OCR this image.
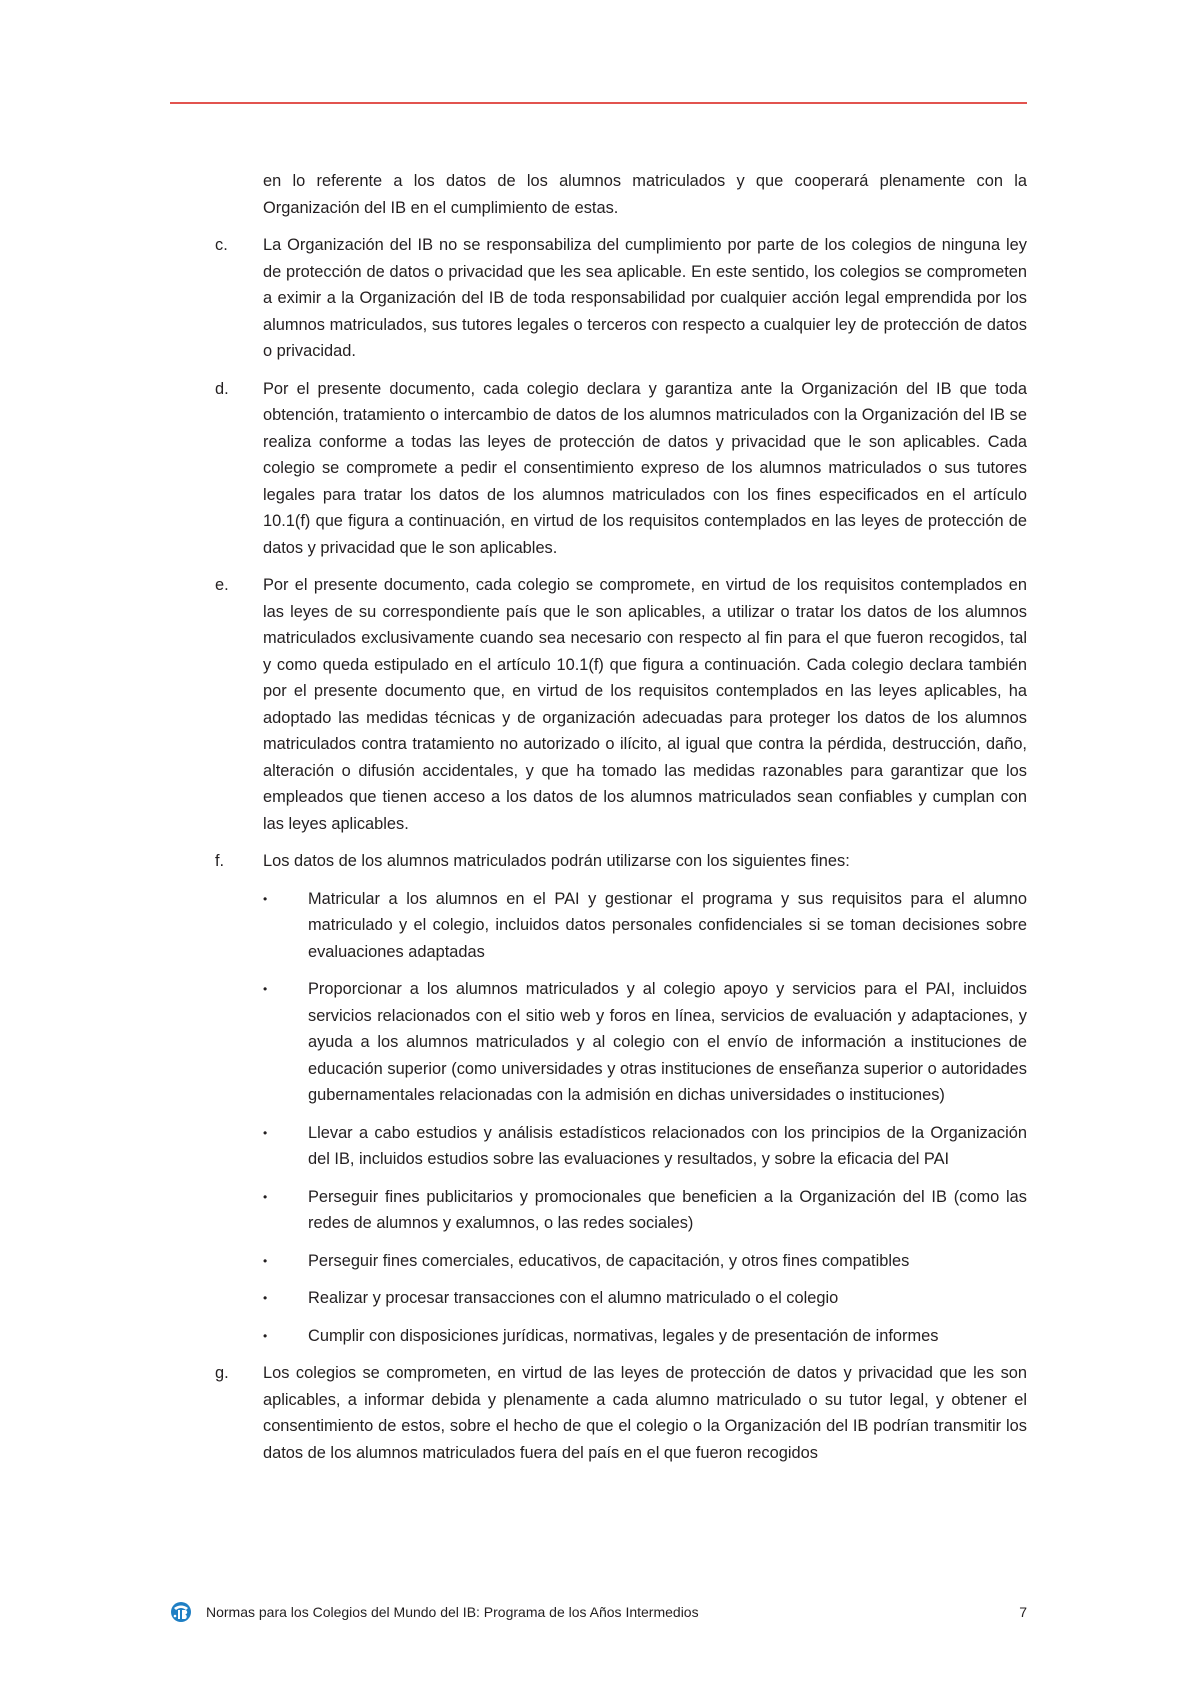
en lo referente a los datos de los alumnos matriculados y que cooperará plenamente con la Organización del IB en el cumplimiento de estas.

c.	La Organización del IB no se responsabiliza del cumplimiento por parte de los colegios de ninguna ley de protección de datos o privacidad que les sea aplicable. En este sentido, los colegios se comprometen a eximir a la Organización del IB de toda responsabilidad por cualquier acción legal emprendida por los alumnos matriculados, sus tutores legales o terceros con respecto a cualquier ley de protección de datos o privacidad.
d.	Por el presente documento, cada colegio declara y garantiza ante la Organización del IB que toda obtención, tratamiento o intercambio de datos de los alumnos matriculados con la Organización del IB se realiza conforme a todas las leyes de protección de datos y privacidad que le son aplicables. Cada colegio se compromete a pedir el consentimiento expreso de los alumnos matriculados o sus tutores legales para tratar los datos de los alumnos matriculados con los fines especificados en el artículo 10.1(f) que figura a continuación, en virtud de los requisitos contemplados en las leyes de protección de datos y privacidad que le son aplicables.
e.	Por el presente documento, cada colegio se compromete, en virtud de los requisitos contemplados en las leyes de su correspondiente país que le son aplicables, a utilizar o tratar los datos de los alumnos matriculados exclusivamente cuando sea necesario con respecto al fin para el que fueron recogidos, tal y como queda estipulado en el artículo 10.1(f) que figura a continuación. Cada colegio declara también por el presente documento que, en virtud de los requisitos contemplados en las leyes aplicables, ha adoptado las medidas técnicas y de organización adecuadas para proteger los datos de los alumnos matriculados contra tratamiento no autorizado o ilícito, al igual que contra la pérdida, destrucción, daño, alteración o difusión accidentales, y que ha tomado las medidas razonables para garantizar que los empleados que tienen acceso a los datos de los alumnos matriculados sean confiables y cumplan con las leyes aplicables.
f.	Los datos de los alumnos matriculados podrán utilizarse con los siguientes fines:
•	Matricular a los alumnos en el PAI y gestionar el programa y sus requisitos para el alumno matriculado y el colegio, incluidos datos personales confidenciales si se toman decisiones sobre evaluaciones adaptadas
•	Proporcionar a los alumnos matriculados y al colegio apoyo y servicios para el PAI, incluidos servicios relacionados con el sitio web y foros en línea, servicios de evaluación y adaptaciones, y ayuda a los alumnos matriculados y al colegio con el envío de información a instituciones de educación superior (como universidades y otras instituciones de enseñanza superior o autoridades gubernamentales relacionadas con la admisión en dichas universidades o instituciones)
•	Llevar a cabo estudios y análisis estadísticos relacionados con los principios de la Organización del IB, incluidos estudios sobre las evaluaciones y resultados, y sobre la eficacia del PAI
•	Perseguir fines publicitarios y promocionales que beneficien a la Organización del IB (como las redes de alumnos y exalumnos, o las redes sociales)
•	Perseguir fines comerciales, educativos, de capacitación, y otros fines compatibles
•	Realizar y procesar transacciones con el alumno matriculado o el colegio
•	Cumplir con disposiciones jurídicas, normativas, legales y de presentación de informes
g.	Los colegios se comprometen, en virtud de las leyes de protección de datos y privacidad que les son aplicables, a informar debida y plenamente a cada alumno matriculado o su tutor legal, y obtener el consentimiento de estos, sobre el hecho de que el colegio o la Organización del IB podrían transmitir los datos de los alumnos matriculados fuera del país en el que fueron recogidos
Normas para los Colegios del Mundo del IB: Programa de los Años Intermedios	7
